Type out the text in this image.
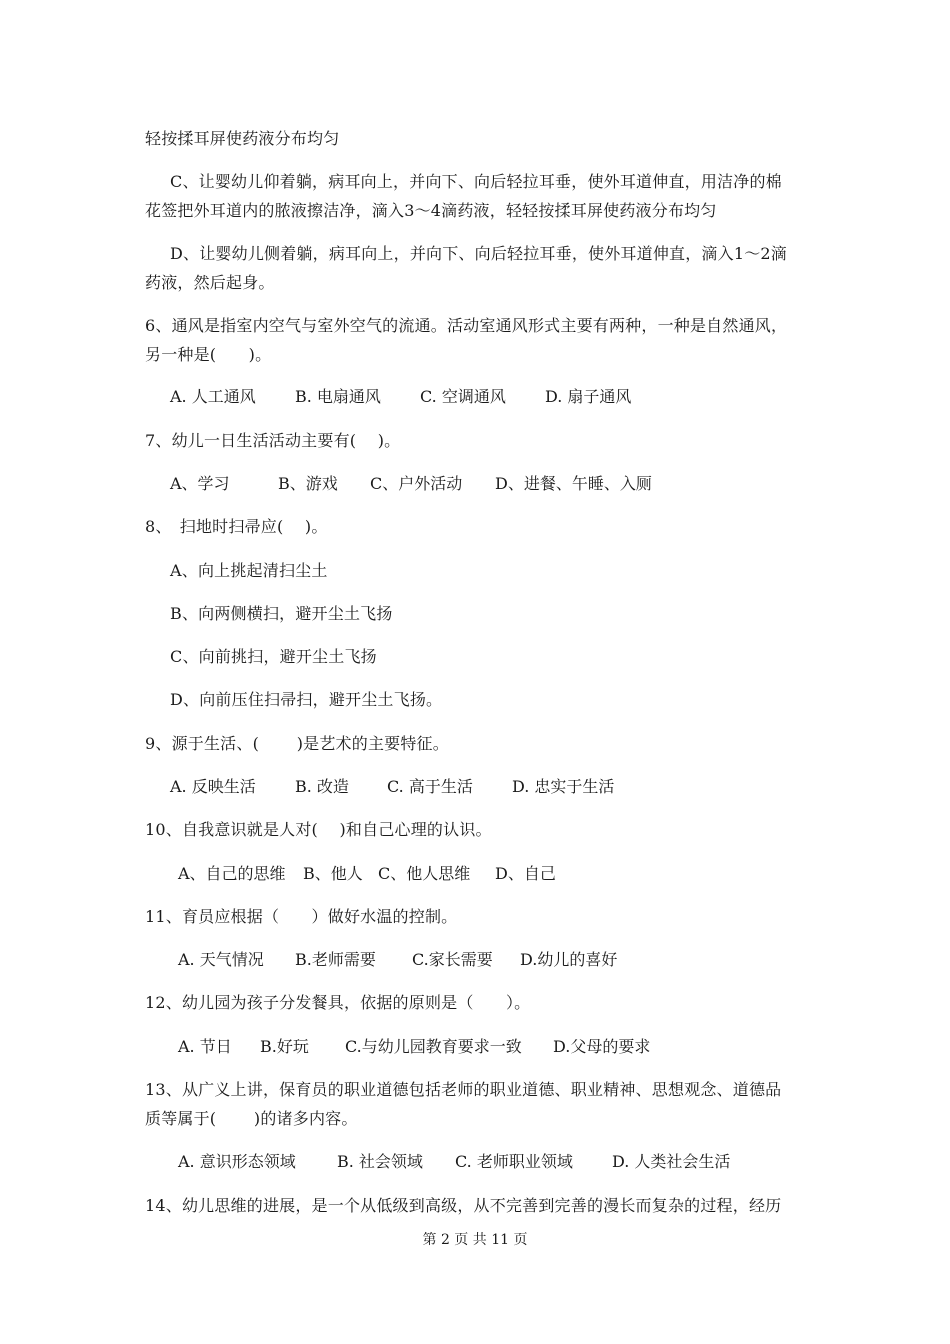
轻按揉耳屏使药液分布均匀
C、让婴幼儿仰着躺，病耳向上，并向下、向后轻拉耳垂，使外耳道伸直，用洁净的棉
花签把外耳道内的脓液擦洁净，滴入3～4滴药液，轻轻按揉耳屏使药液分布均匀
D、让婴幼儿侧着躺，病耳向上，并向下、向后轻拉耳垂，使外耳道伸直，滴入1～2滴
药液，然后起身。
6、通风是指室内空气与室外空气的流通。活动室通风形式主要有两种，一种是自然通风，
另一种是(　　)。

A. 人工通风

B. 电扇通风

C. 空调通风

D. 扇子通风

7、幼儿一日生活活动主要有(　 )。

A、学习

	B、游戏

C、户外活动

D、进餐、午睡、入厕

8、　扫地时扫帚应(　 )。
A、向上挑起清扫尘土
B、向两侧横扫，避开尘土飞扬
C、向前挑扫，避开尘土飞扬
D、向前压住扫帚扫，避开尘土飞扬。
9、源于生活、(　　 )是艺术的主要特征。

A. 反映生活

B. 改造

C. 高于生活

D. 忠实于生活

10、自我意识就是人对(　 )和自己心理的认识。

A、自己的思维

B、他人

C、他人思维

D、自己

11、育员应根据（　　）做好水温的控制。

A. 天气情况

B.老师需要

C.家长需要

D.幼儿的喜好

12、幼儿园为孩子分发餐具，依据的原则是（　　）。

A. 节日

B.好玩

C.与幼儿园教育要求一致

D.父母的要求

13、从广义上讲，保育员的职业道德包括老师的职业道德、职业精神、思想观念、道德品
质等属于(　　 )的诸多内容。

A. 意识形态领域

	B. 社会领域

C. 老师职业领域

D. 人类社会生活

14、幼儿思维的进展，是一个从低级到高级，从不完善到完善的漫长而复杂的过程，经历
第 2 页 共 11 页
